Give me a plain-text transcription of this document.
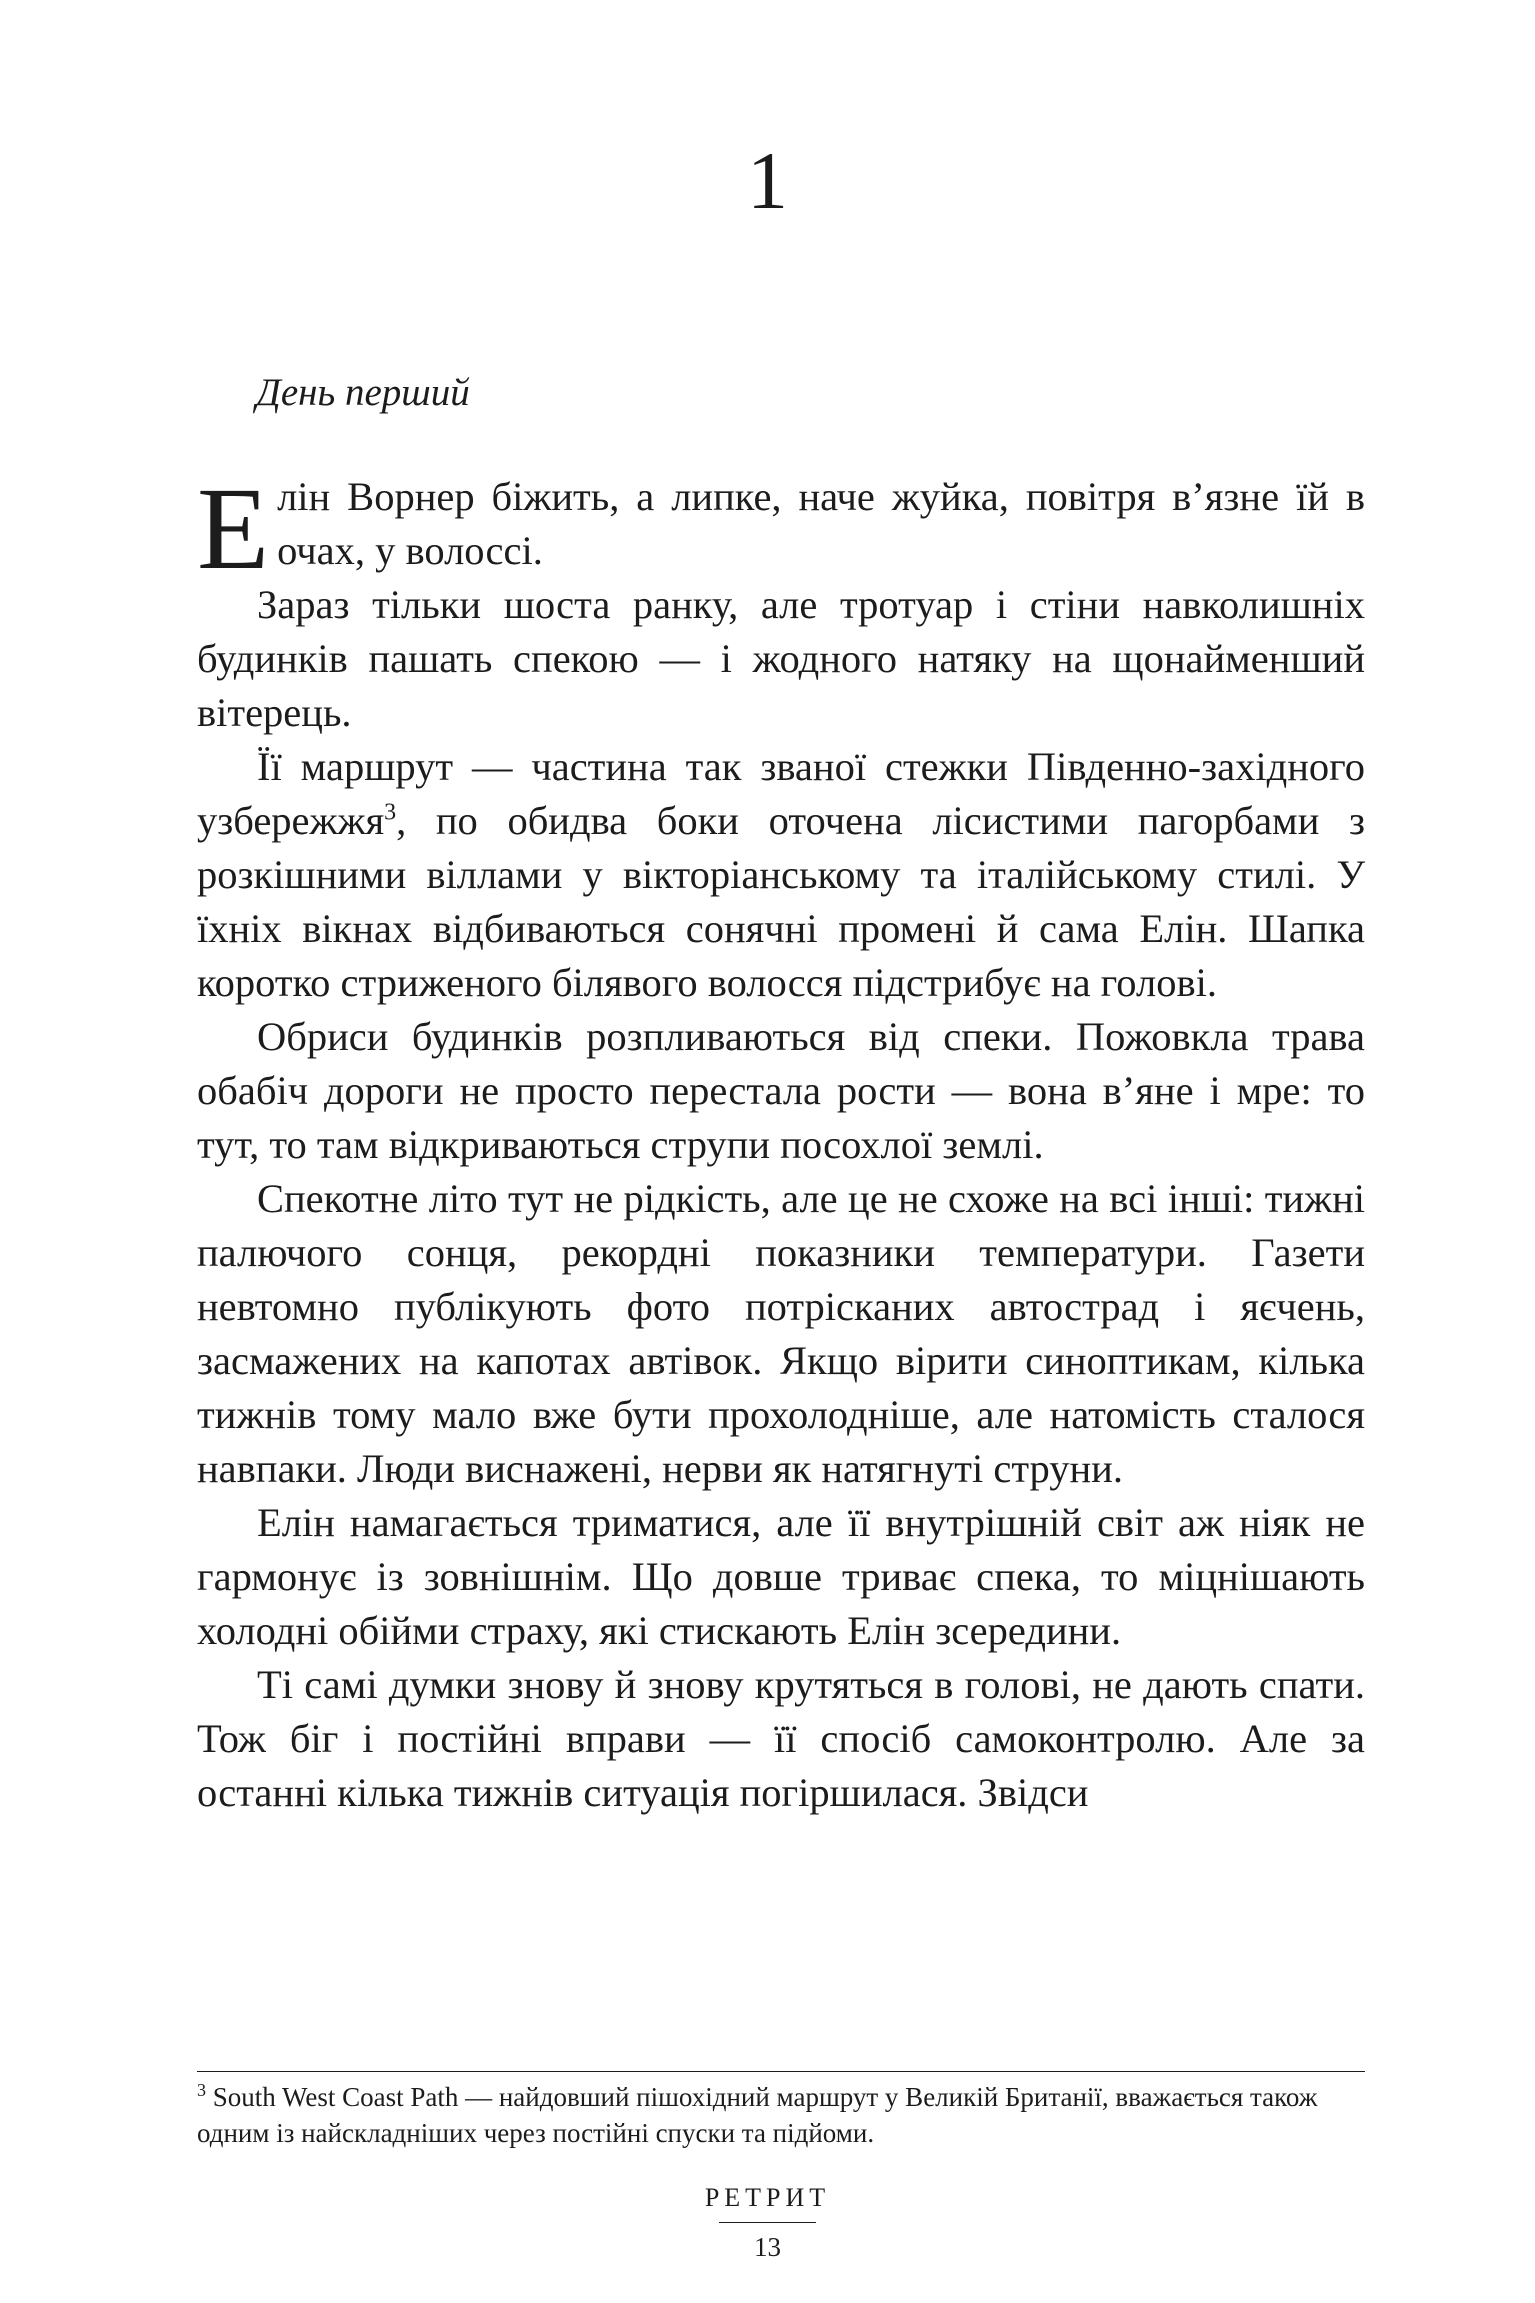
1

День перший

Елін Ворнер біжить, а липке, наче жуйка, повітря в’язне їй в очах, у волоссі.

Зараз тільки шоста ранку, але тротуар і стіни навколишніх будинків пашать спекою — і жодного натяку на щонайменший вітерець.

Її маршрут — частина так званої стежки Південно-західного узбережжя$^3$, по обидва боки оточена лісистими пагорбами з розкішними віллами у вікторіанському та італійському стилі. У їхніх вікнах відбиваються сонячні промені й сама Елін. Шапка коротко стриженого білявого волосся підстрибує на голові.

Обриси будинків розпливаються від спеки. Пожовкла трава обабіч дороги не просто перестала рости — вона в’яне і мре: то тут, то там відкриваються струпи посохлої землі.

Спекотне літо тут не рідкість, але це не схоже на всі інші: тижні палючого сонця, рекордні показники температури. Газети невтомно публікують фото потрісканих автострад і яєчень, засмажених на капотах автівок. Якщо вірити синоптикам, кілька тижнів тому мало вже бути прохолодніше, але натомість сталося навпаки. Люди виснажені, нерви як натягнуті струни.

Елін намагається триматися, але її внутрішній світ аж ніяк не гармонує із зовнішнім. Що довше триває спека, то міцнішають холодні обійми страху, які стискають Елін зсередини.

Ті самі думки знову й знову крутяться в голові, не дають спати. Тож біг і постійні вправи — її спосіб самоконтролю. Але за останні кілька тижнів ситуація погіршилася. Звідси

$^3$ South West Coast Path — найдовший пішохідний маршрут у Великій Британії, вважається також одним із найскладніших через постійні спуски та підйоми.

РЕТРИТ

13
